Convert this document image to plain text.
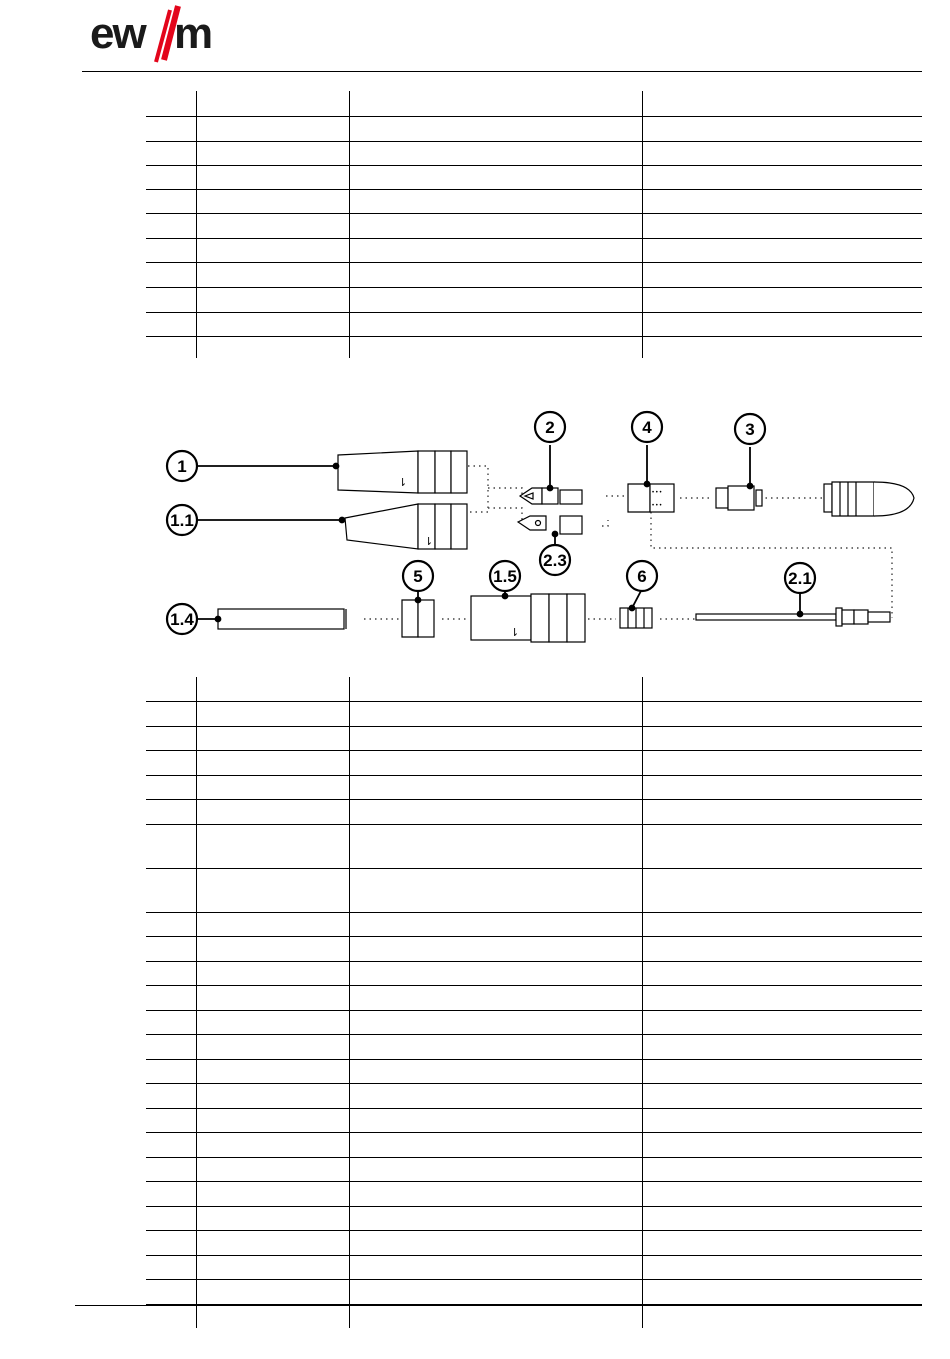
ew m

⇂
⇂
• • •
• • •
⇂
1
1.1
1.4
2
2.3
4	3
5	1.5	6	2.1
